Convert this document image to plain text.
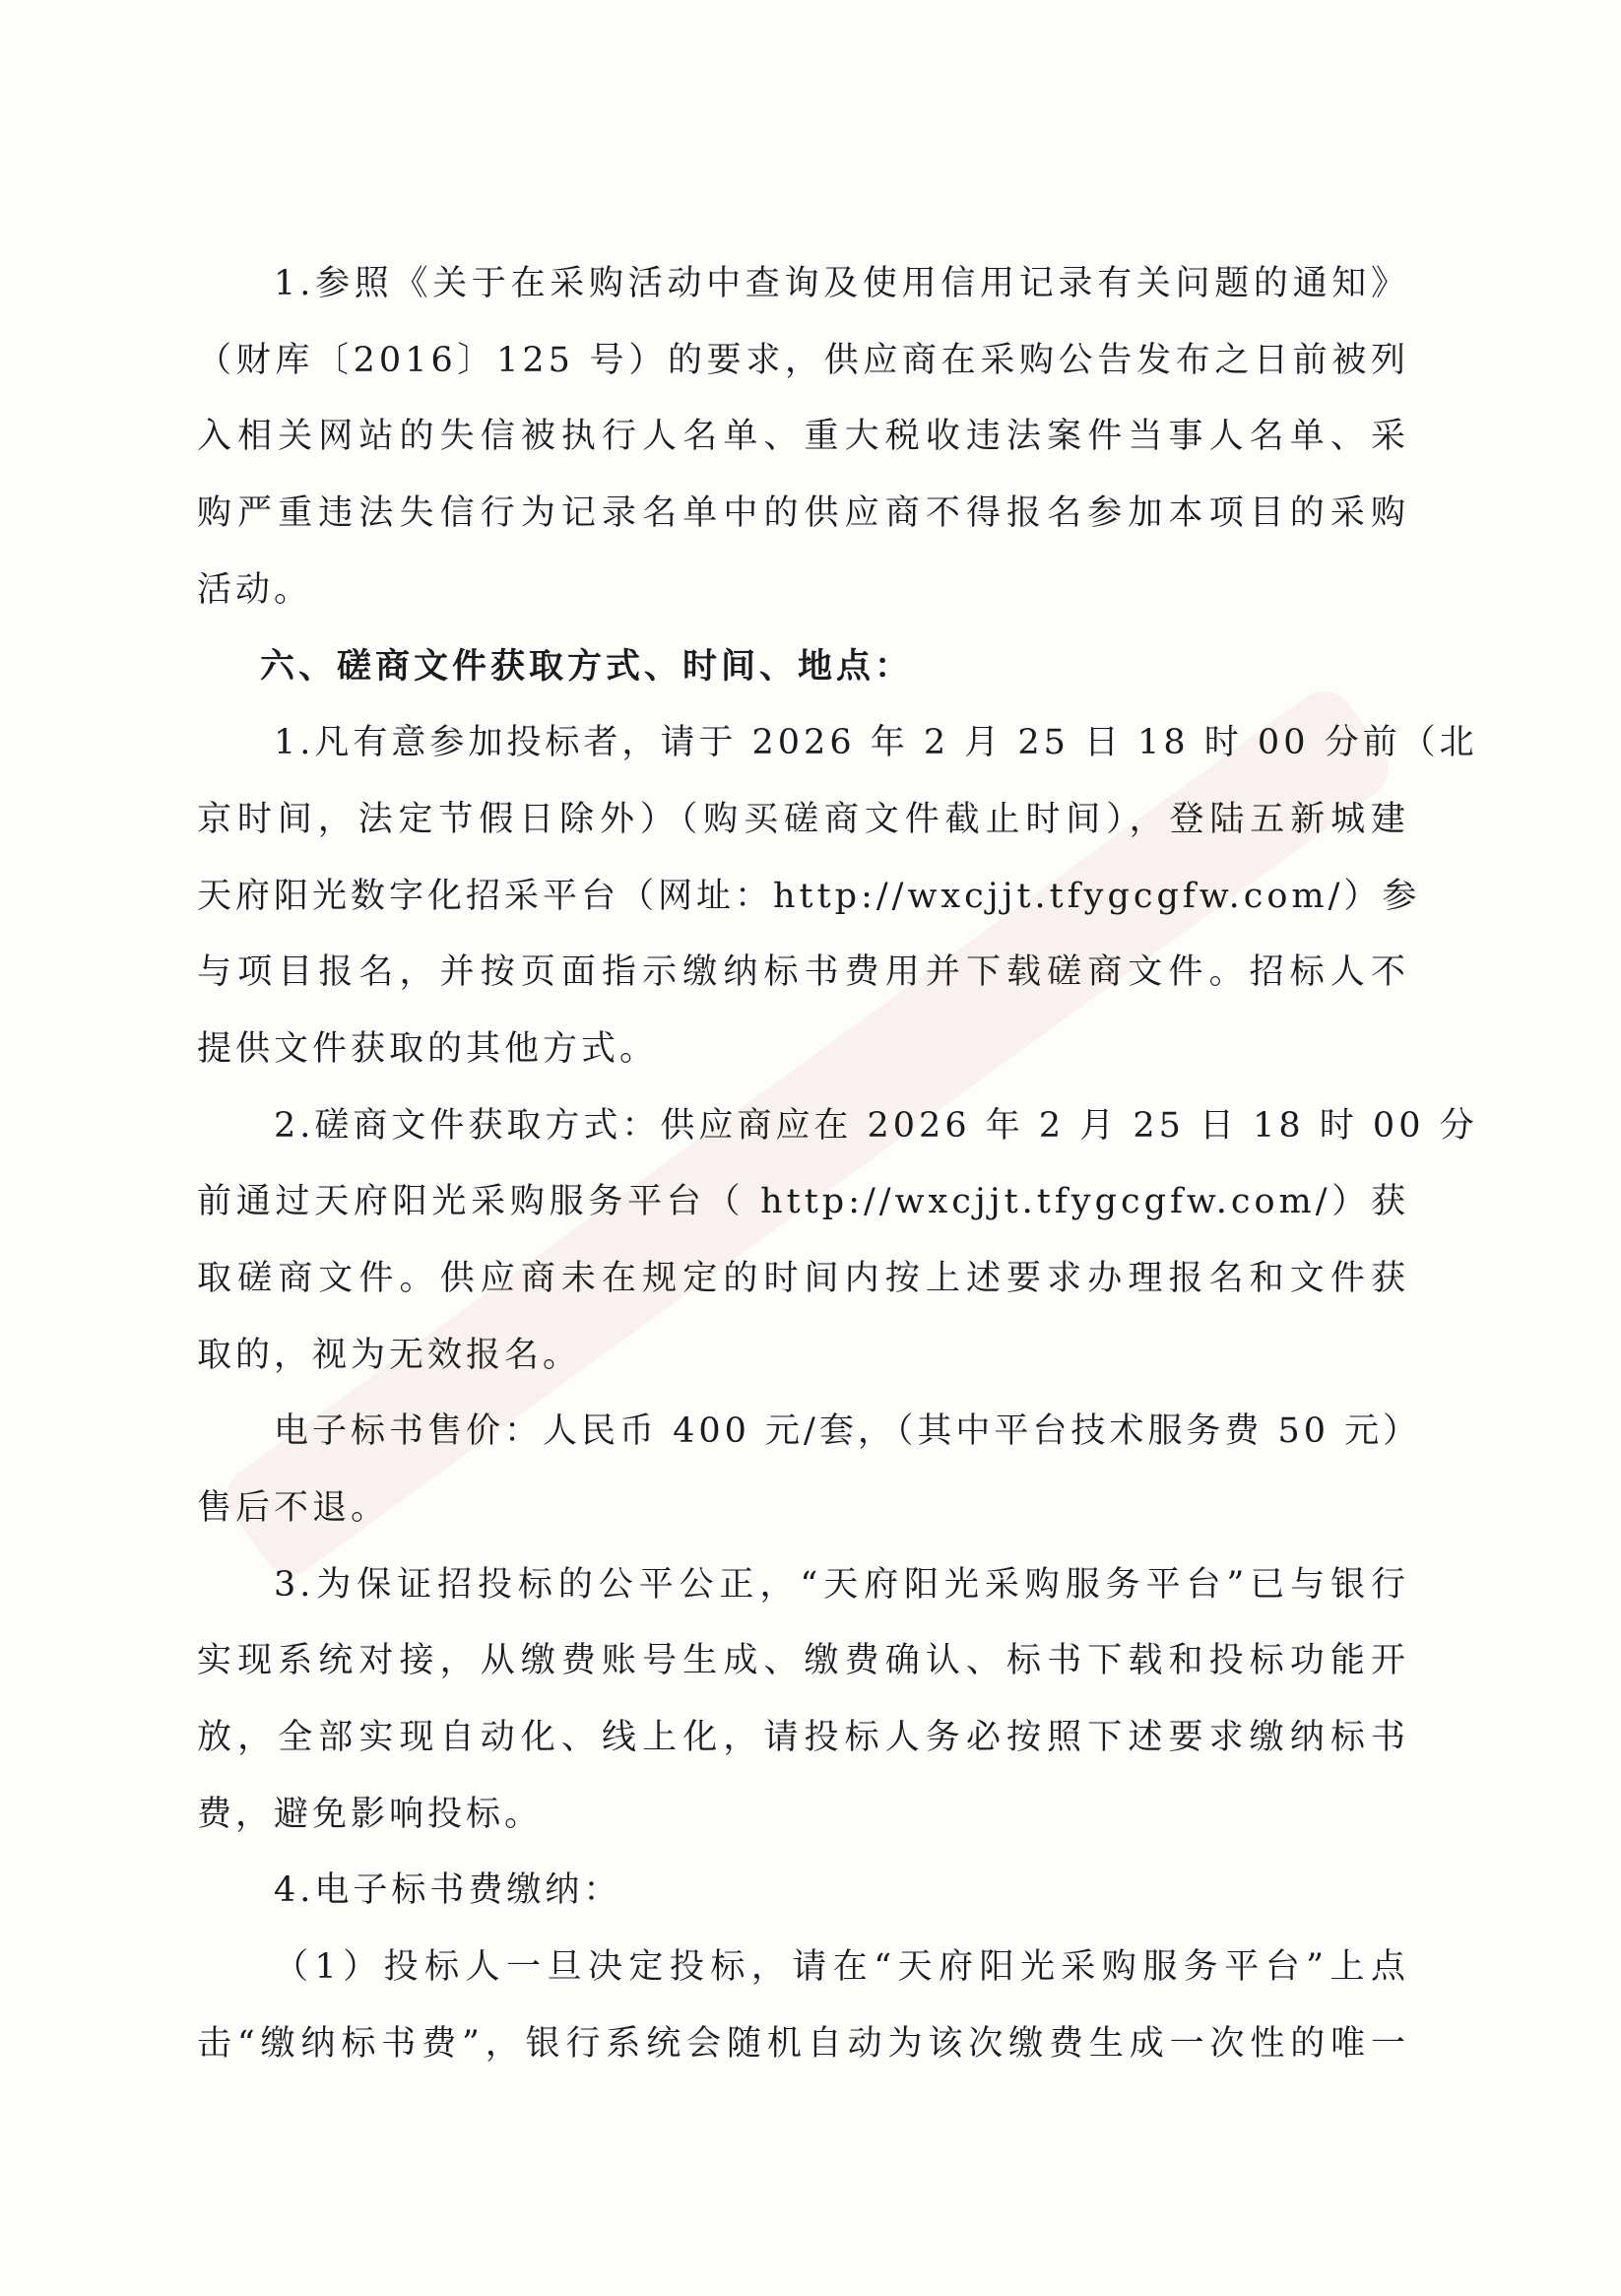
1.参照《关于在采购活动中查询及使用信用记录有关问题的通知》
（财库〔2016〕125 号）的要求，供应商在采购公告发布之日前被列
入相关网站的失信被执行人名单、重大税收违法案件当事人名单、采
购严重违法失信行为记录名单中的供应商不得报名参加本项目的采购
活动。
六、磋商文件获取方式、时间、地点：
1.凡有意参加投标者，请于 2026 年 2 月 25 日 18 时 00 分前（北
京时间，法定节假日除外）（购买磋商文件截止时间），登陆五新城建
天府阳光数字化招采平台（网址：http://wxcjjt.tfygcgfw.com/）参
与项目报名，并按页面指示缴纳标书费用并下载磋商文件。招标人不
提供文件获取的其他方式。
2.磋商文件获取方式：供应商应在 2026 年 2 月 25 日 18 时 00 分
前通过天府阳光采购服务平台（ http://wxcjjt.tfygcgfw.com/）获
取磋商文件。供应商未在规定的时间内按上述要求办理报名和文件获
取的，视为无效报名。
电子标书售价：人民币 400 元/套，（其中平台技术服务费 50 元）
售后不退。
3.为保证招投标的公平公正，“天府阳光采购服务平台”已与银行
实现系统对接，从缴费账号生成、缴费确认、标书下载和投标功能开
放，全部实现自动化、线上化，请投标人务必按照下述要求缴纳标书
费，避免影响投标。
4.电子标书费缴纳：
（1）投标人一旦决定投标，请在“天府阳光采购服务平台”上点
击“缴纳标书费”，银行系统会随机自动为该次缴费生成一次性的唯一
